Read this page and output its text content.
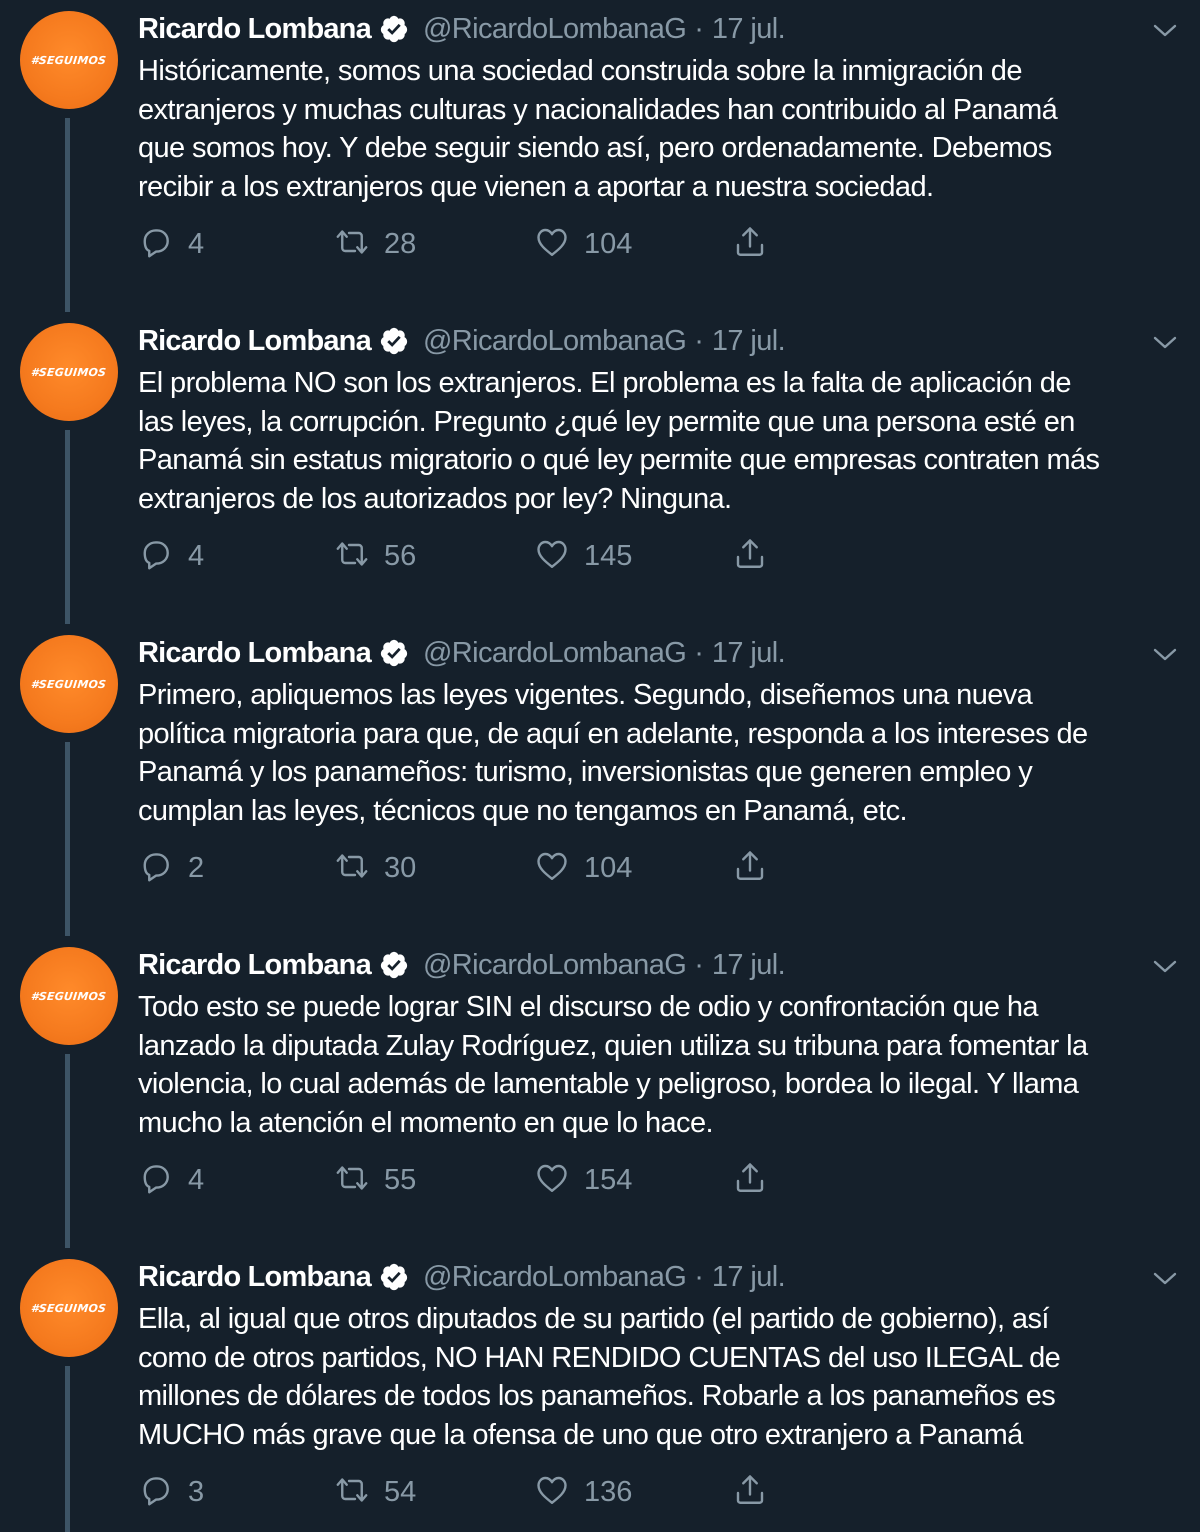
#SEGUIMOS
Ricardo Lombana @RicardoLombanaG · 17 jul.
Históricamente, somos una sociedad construida sobre la inmigración de
extranjeros y muchas culturas y nacionalidades han contribuido al Panamá
que somos hoy. Y debe seguir siendo así, pero ordenadamente. Debemos
recibir a los extranjeros que vienen a aportar a nuestra sociedad.
4	28	104
#SEGUIMOS
Ricardo Lombana @RicardoLombanaG · 17 jul.
El problema NO son los extranjeros. El problema es la falta de aplicación de
las leyes, la corrupción. Pregunto ¿qué ley permite que una persona esté en
Panamá sin estatus migratorio o qué ley permite que empresas contraten más
extranjeros de los autorizados por ley? Ninguna.
4	56	145
#SEGUIMOS
Ricardo Lombana @RicardoLombanaG · 17 jul.
Primero, apliquemos las leyes vigentes. Segundo, diseñemos una nueva
política migratoria para que, de aquí en adelante, responda a los intereses de
Panamá y los panameños: turismo, inversionistas que generen empleo y
cumplan las leyes, técnicos que no tengamos en Panamá, etc.
2	30	104
#SEGUIMOS
Ricardo Lombana @RicardoLombanaG · 17 jul.
Todo esto se puede lograr SIN el discurso de odio y confrontación que ha
lanzado la diputada Zulay Rodríguez, quien utiliza su tribuna para fomentar la
violencia, lo cual además de lamentable y peligroso, bordea lo ilegal. Y llama
mucho la atención el momento en que lo hace.
4	55	154
#SEGUIMOS
Ricardo Lombana @RicardoLombanaG · 17 jul.
Ella, al igual que otros diputados de su partido (el partido de gobierno), así
como de otros partidos, NO HAN RENDIDO CUENTAS del uso ILEGAL de
millones de dólares de todos los panameños. Robarle a los panameños es
MUCHO más grave que la ofensa de uno que otro extranjero a Panamá
3	54	136
